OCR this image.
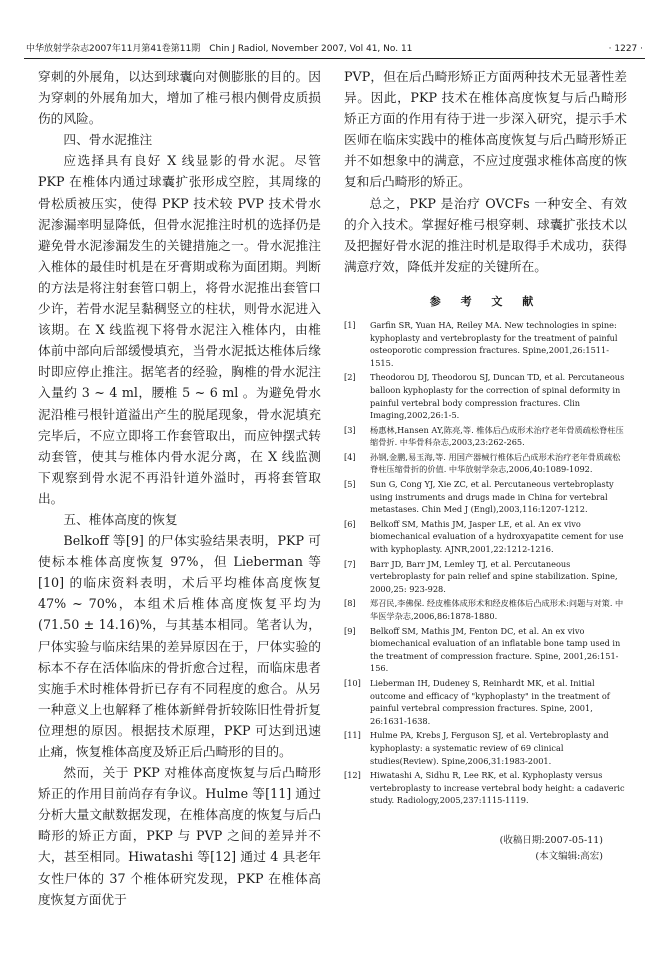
中华放射学杂志2007年11月第41卷第11期　Chin J Radiol, November 2007, Vol 41, No. 11	· 1227 ·

穿刺的外展角，以达到球囊向对侧膨胀的目的。因为穿刺的外展角加大，增加了椎弓根内侧骨皮质损伤的风险。

四、骨水泥推注

应选择具有良好 X 线显影的骨水泥。尽管 PKP 在椎体内通过球囊扩张形成空腔，其周缘的骨松质被压实，使得 PKP 技术较 PVP 技术骨水泥渗漏率明显降低，但骨水泥推注时机的选择仍是避免骨水泥渗漏发生的关键措施之一。骨水泥推注入椎体的最佳时机是在牙膏期或称为面团期。判断的方法是将注射套管口朝上，将骨水泥推出套管口少许，若骨水泥呈黏稠竖立的柱状，则骨水泥进入该期。在 X 线监视下将骨水泥注入椎体内，由椎体前中部向后部缓慢填充，当骨水泥抵达椎体后缘时即应停止推注。据笔者的经验，胸椎的骨水泥注入量约 3 ~ 4 ml，腰椎 5 ~ 6 ml 。为避免骨水泥沿椎弓根针道溢出产生的脱尾现象，骨水泥填充完毕后，不应立即将工作套管取出，而应钟摆式转动套管，使其与椎体内骨水泥分离，在 X 线监测下观察到骨水泥不再沿针道外溢时，再将套管取出。

五、椎体高度的恢复

Belkoff 等[9] 的尸体实验结果表明，PKP 可使标本椎体高度恢复 97%，但 Lieberman 等[10] 的临床资料表明，术后平均椎体高度恢复 47% ~ 70%，本组术后椎体高度恢复平均为(71.50 ± 14.16)%，与其基本相同。笔者认为，尸体实验与临床结果的差异原因在于，尸体实验的标本不存在活体临床的骨折愈合过程，而临床患者实施手术时椎体骨折已存有不同程度的愈合。从另一种意义上也解释了椎体新鲜骨折较陈旧性骨折复位理想的原因。根据技术原理，PKP 可达到迅速止痛，恢复椎体高度及矫正后凸畸形的目的。

然而，关于 PKP 对椎体高度恢复与后凸畸形矫正的作用目前尚存有争议。Hulme 等[11] 通过分析大量文献数据发现，在椎体高度的恢复与后凸畸形的矫正方面，PKP 与 PVP 之间的差异并不大，甚至相同。Hiwatashi 等[12] 通过 4 具老年女性尸体的 37 个椎体研究发现，PKP 在椎体高度恢复方面优于

PVP，但在后凸畸形矫正方面两种技术无显著性差异。因此，PKP 技术在椎体高度恢复与后凸畸形矫正方面的作用有待于进一步深入研究，提示手术医师在临床实践中的椎体高度恢复与后凸畸形矫正并不如想象中的满意，不应过度强求椎体高度的恢复和后凸畸形的矫正。

总之，PKP 是治疗 OVCFs 一种安全、有效的介入技术。掌握好椎弓根穿刺、球囊扩张技术以及把握好骨水泥的推注时机是取得手术成功，获得满意疗效，降低并发症的关键所在。

参 考 文 献
[1]	Garfin SR, Yuan HA, Reiley MA. New technologies in spine: kyphoplasty and vertebroplasty for the treatment of painful osteoporotic compression fractures. Spine,2001,26:1511-1515.
[2]	Theodorou DJ, Theodorou SJ, Duncan TD, et al. Percutaneous balloon kyphoplasty for the correction of spinal deformity in painful vertebral body compression fractures. Clin Imaging,2002,26:1-5.
[3]	杨惠林,Hansen AY,陈亮,等. 椎体后凸成形术治疗老年骨质疏松脊柱压缩骨折. 中华骨科杂志,2003,23:262-265.
[4]	孙钢,金鹏,易玉海,等. 用国产器械行椎体后凸成形术治疗老年骨质疏松脊柱压缩骨折的价值. 中华放射学杂志,2006,40:1089-1092.
[5]	Sun G, Cong YJ, Xie ZC, et al. Percutaneous vertebroplasty using instruments and drugs made in China for vertebral metastases. Chin Med J (Engl),2003,116:1207-1212.
[6]	Belkoff SM, Mathis JM, Jasper LE, et al. An ex vivo biomechanical evaluation of a hydroxyapatite cement for use with kyphoplasty. AJNR,2001,22:1212-1216.
[7]	Barr JD, Barr JM, Lemley TJ, et al. Percutaneous vertebroplasty for pain relief and spine stabilization. Spine, 2000,25: 923-928.
[8]	郑召民,李佛保. 经皮椎体成形术和经皮椎体后凸成形术:问题与对策. 中华医学杂志,2006,86:1878-1880.
[9]	Belkoff SM, Mathis JM, Fenton DC, et al. An ex vivo biomechanical evaluation of an inflatable bone tamp used in the treatment of compression fracture. Spine, 2001,26:151-156.
[10]	Lieberman IH, Dudeney S, Reinhardt MK, et al. Initial outcome and efficacy of "kyphoplasty" in the treatment of painful vertebral compression fractures. Spine, 2001, 26:1631-1638.
[11]	Hulme PA, Krebs J, Ferguson SJ, et al. Vertebroplasty and kyphoplasty: a systematic review of 69 clinical studies(Review). Spine,2006,31:1983-2001.
[12]	Hiwatashi A, Sidhu R, Lee RK, et al. Kyphoplasty versus vertebroplasty to increase vertebral body height: a cadaveric study. Radiology,2005,237:1115-1119.
(收稿日期:2007-05-11)
(本文编辑:高宏)
